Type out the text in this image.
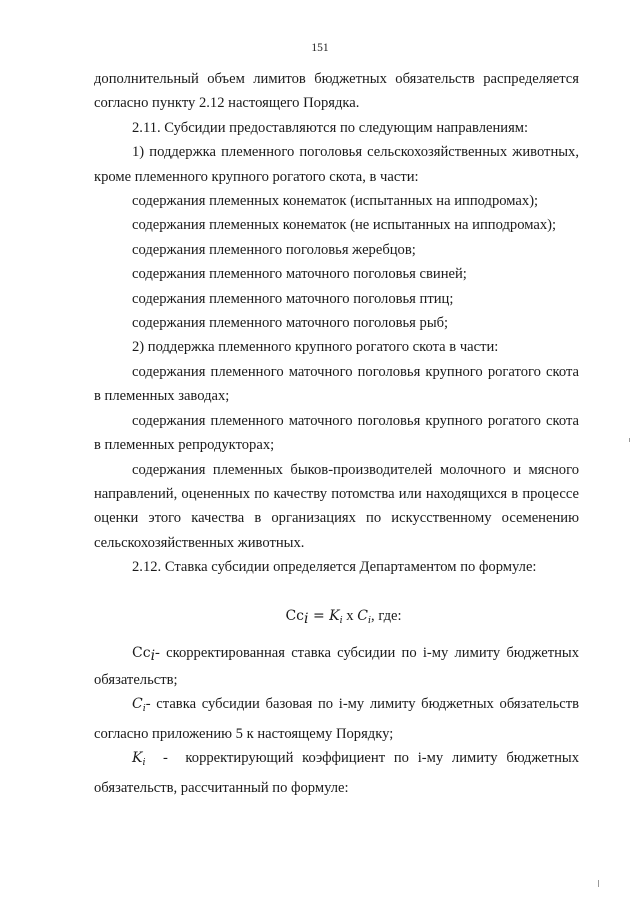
151

дополнительный объем лимитов бюджетных обязательств распределяется согласно пункту 2.12 настоящего Порядка.

2.11. Субсидии предоставляются по следующим направлениям:

1) поддержка племенного поголовья сельскохозяйственных животных, кроме племенного крупного рогатого скота, в части:

содержания племенных конематок (испытанных на ипподромах);

содержания племенных конематок (не испытанных на ипподромах);

содержания племенного поголовья жеребцов;

содержания племенного маточного поголовья свиней;

содержания племенного маточного поголовья птиц;

содержания племенного маточного поголовья рыб;

2) поддержка племенного крупного рогатого скота в части:

содержания племенного маточного поголовья крупного рогатого скота в племенных заводах;

содержания племенного маточного поголовья крупного рогатого скота в племенных репродукторах;

содержания племенных быков-производителей молочного и мясного направлений, оцененных по качеству потомства или находящихся в процессе оценки этого качества в организациях по искусственному осеменению сельскохозяйственных животных.

2.12. Ставка субсидии определяется Департаментом по формуле:

$Cc_i = K_i$ x $C_i$, где:

$Cc_i-$ скорректированная ставка субсидии по i-му лимиту бюджетных обязательств;

$C_i-$ ставка субсидии базовая по i-му лимиту бюджетных обязательств согласно приложению 5 к настоящему Порядку;

$K_i$  -  корректирующий коэффициент по i-му лимиту бюджетных обязательств, рассчитанный по формуле:
